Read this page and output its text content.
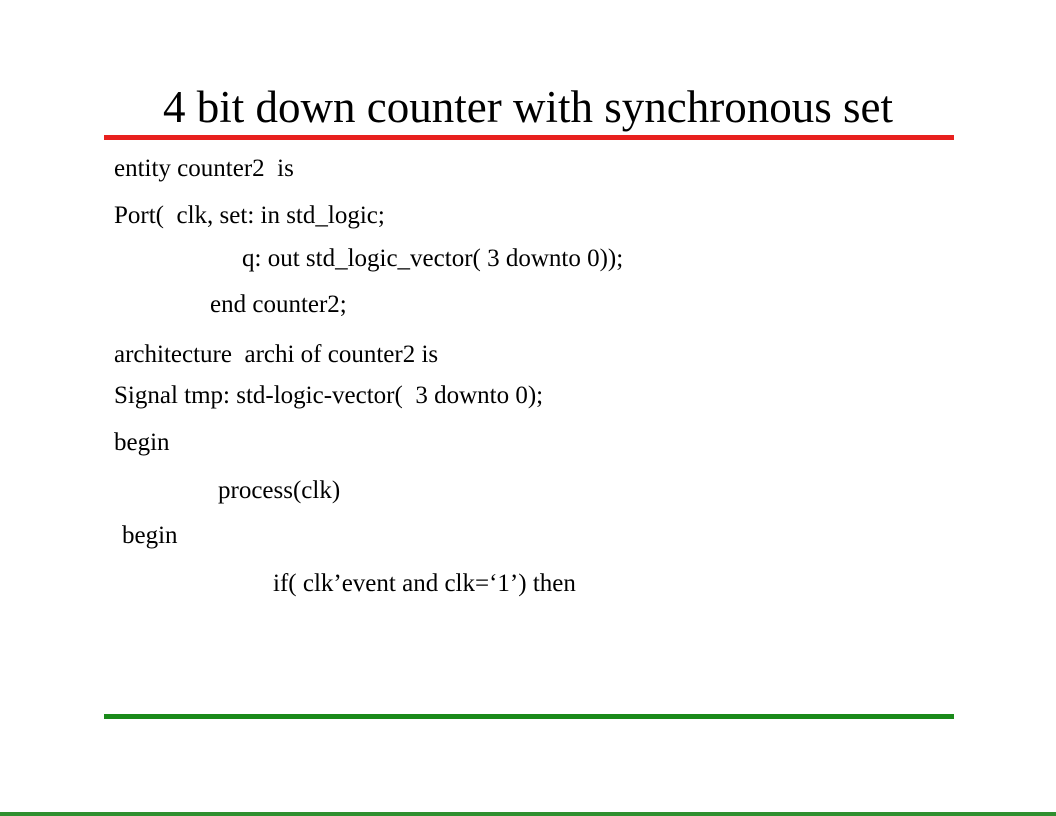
4 bit down counter with synchronous set
entity counter2  is
Port(  clk, set: in std_logic;
q: out std_logic_vector( 3 downto 0));
end counter2;
architecture  archi of counter2 is
Signal tmp: std-logic-vector(  3 downto 0);
begin
process(clk)
begin
if( clk’event and clk=‘1’) then
